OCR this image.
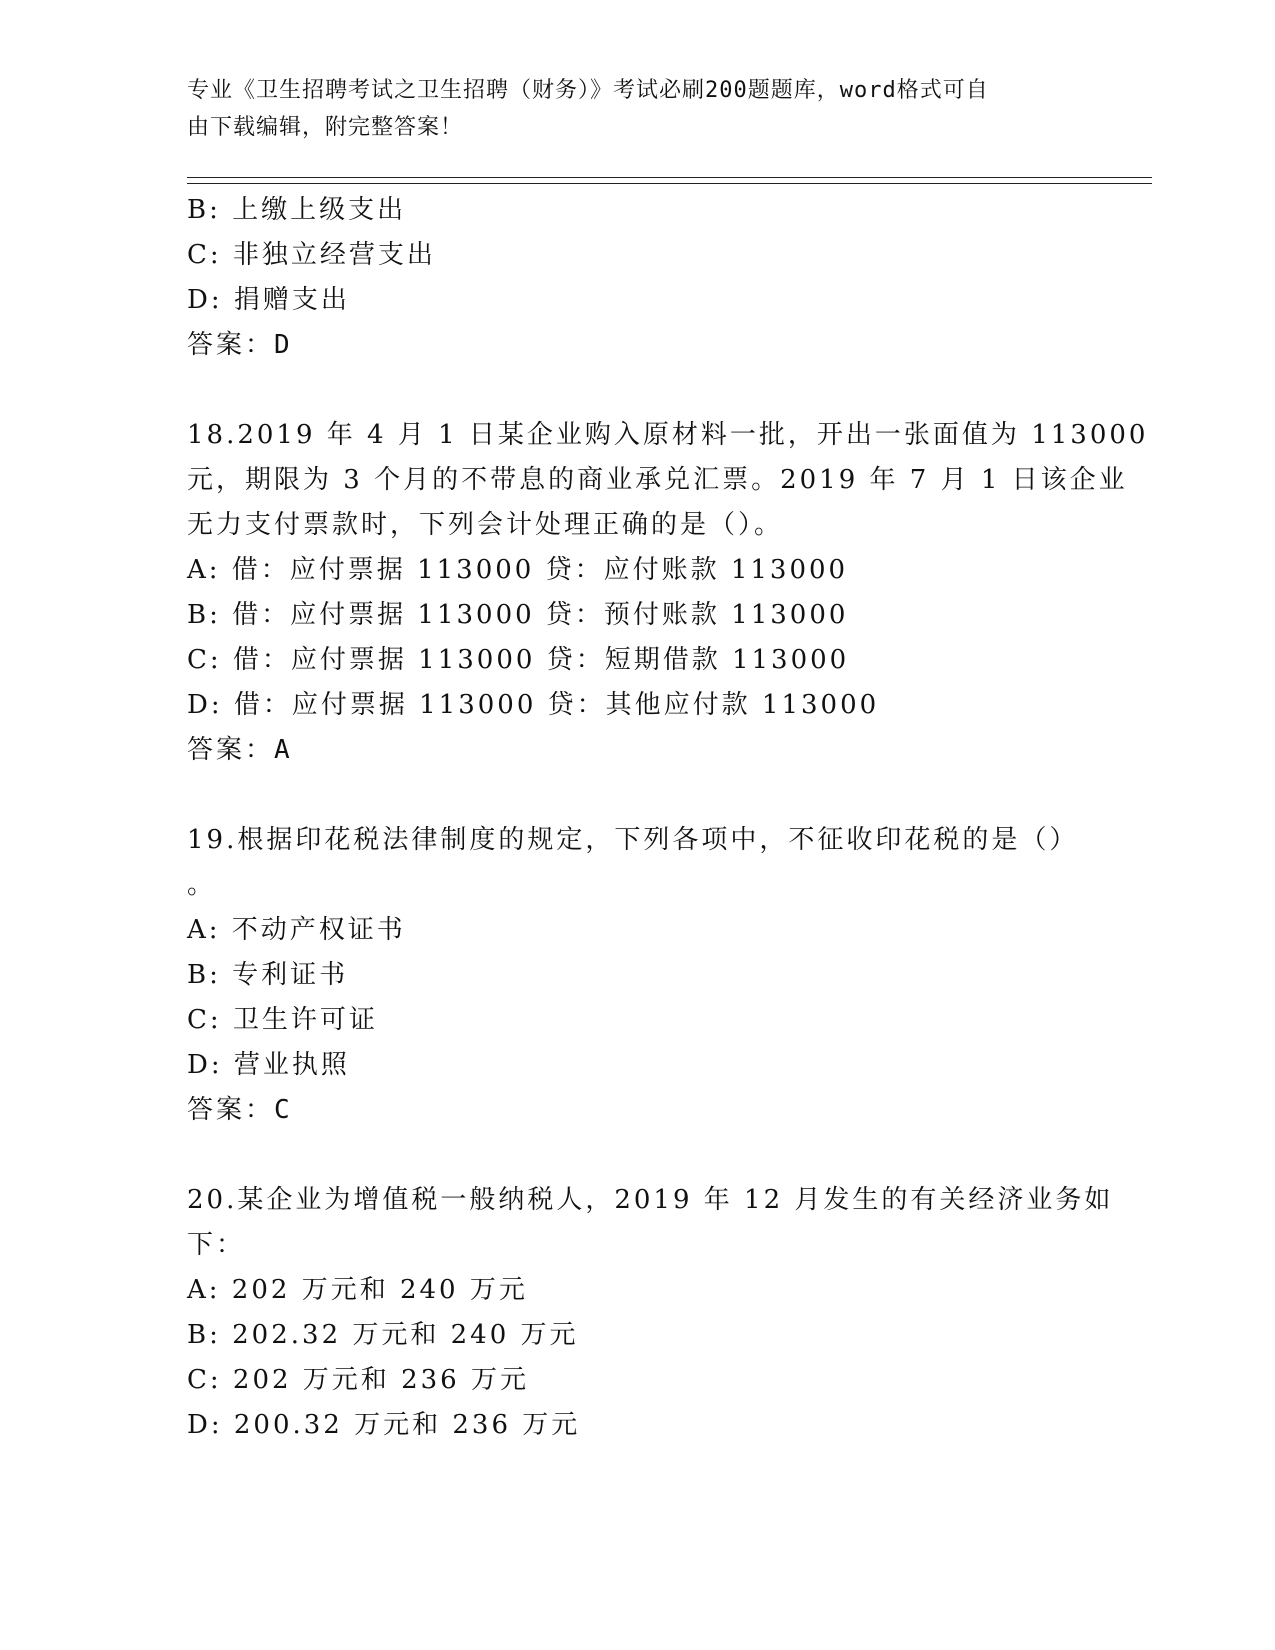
专业《卫生招聘考试之卫生招聘（财务）》考试必刷200题题库，word格式可自
由下载编辑，附完整答案！
B: 上缴上级支出
C: 非独立经营支出
D: 捐赠支出
答案：D
18.2019 年 4 月 1 日某企业购入原材料一批，开出一张面值为 113000
元，期限为 3 个月的不带息的商业承兑汇票。2019 年 7 月 1 日该企业
无力支付票款时，下列会计处理正确的是（）。
A: 借：应付票据 113000 贷：应付账款 113000
B: 借：应付票据 113000 贷：预付账款 113000
C: 借：应付票据 113000 贷：短期借款 113000
D: 借：应付票据 113000 贷：其他应付款 113000
答案：A
19.根据印花税法律制度的规定，下列各项中，不征收印花税的是（）
。
A: 不动产权证书
B: 专利证书
C: 卫生许可证
D: 营业执照
答案：C
20.某企业为增值税一般纳税人，2019 年 12 月发生的有关经济业务如
下：
A: 202 万元和 240 万元
B: 202.32 万元和 240 万元
C: 202 万元和 236 万元
D: 200.32 万元和 236 万元
